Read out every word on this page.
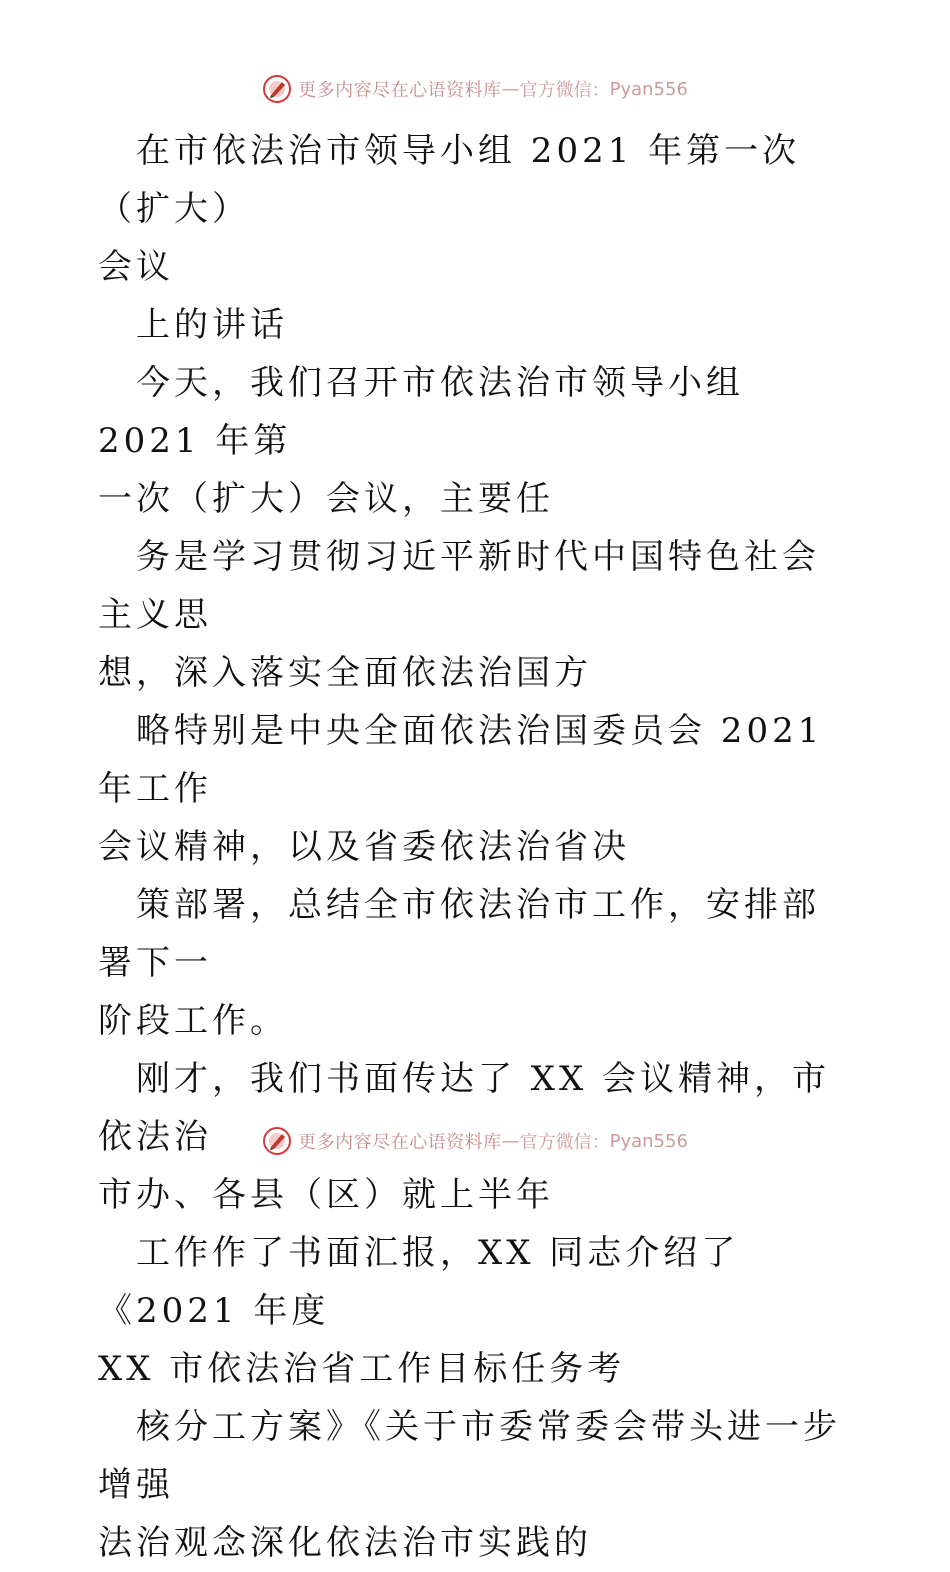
更多内容尽在心语资料库 — 官方微信： Pyan556

在市依法治市领导小组 2021 年第一次（扩大）

会议

上的讲话

今天，我们召开市依法治市领导小组 2021 年第

一次（扩大）会议，主要任

务是学习贯彻习近平新时代中国特色社会主义思

想，深入落实全面依法治国方

略特别是中央全面依法治国委员会 2021 年工作

会议精神，以及省委依法治省决

策部署，总结全市依法治市工作，安排部署下一

阶段工作。

刚才，我们书面传达了 XX 会议精神，市依法治

市办、各县（区）就上半年

工作作了书面汇报，XX 同志介绍了《2021 年度

XX 市依法治省工作目标任务考

核分工方案》《关于市委常委会带头进一步增强

法治观念深化依法治市实践的

更多内容尽在心语资料库 — 官方微信： Pyan556
